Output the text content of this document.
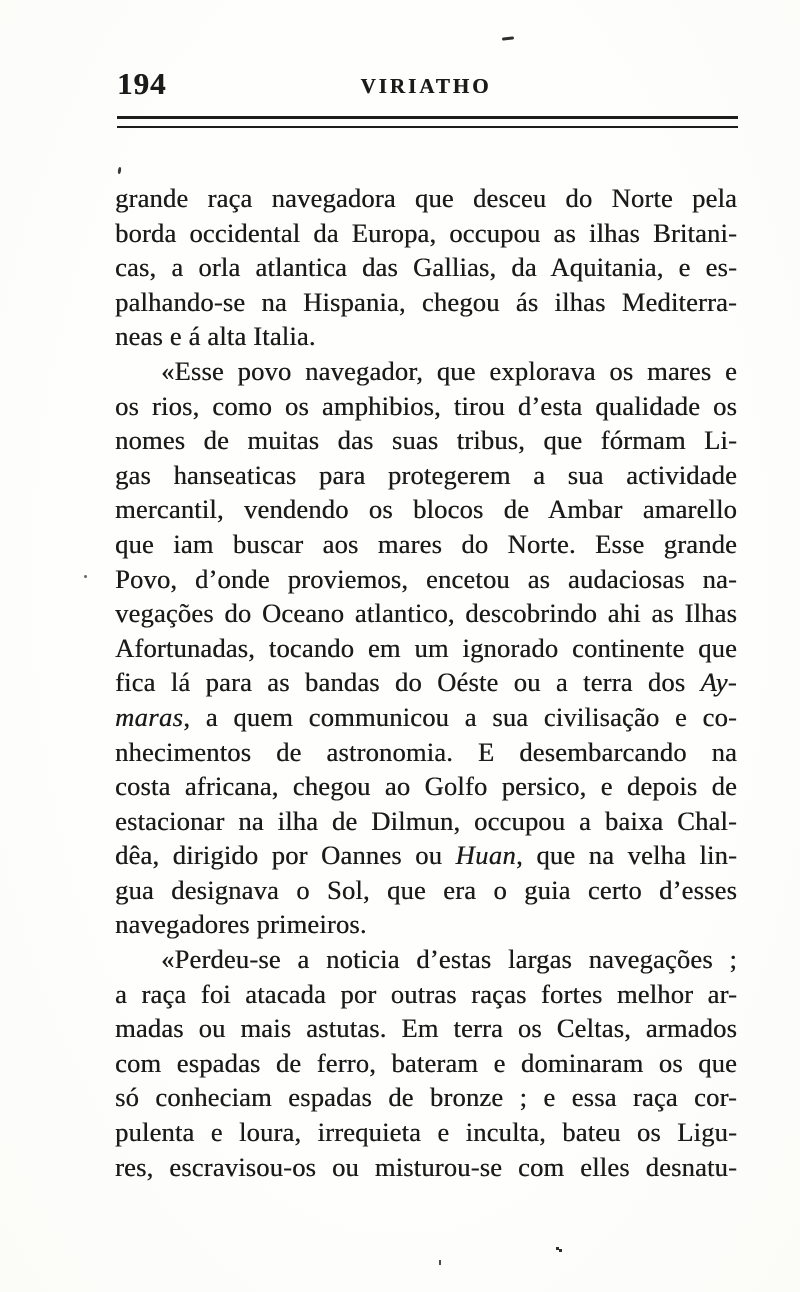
194	VIRIATHO
grande raça navegadora que desceu do Norte pela
borda occidental da Europa, occupou as ilhas Britani-
cas, a orla atlantica das Gallias, da Aquitania, e es-
palhando-se na Hispania, chegou ás ilhas Mediterra-
neas e á alta Italia.
«Esse povo navegador, que explorava os mares e
os rios, como os amphibios, tirou d’esta qualidade os
nomes de muitas das suas tribus, que fórmam Li-
gas hanseaticas para protegerem a sua actividade
mercantil, vendendo os blocos de Ambar amarello
que iam buscar aos mares do Norte. Esse grande
Povo, d’onde proviemos, encetou as audaciosas na-
vegações do Oceano atlantico, descobrindo ahi as Ilhas
Afortunadas, tocando em um ignorado continente que
fica lá para as bandas do Oéste ou a terra dos Ay-
maras, a quem communicou a sua civilisação e co-
nhecimentos de astronomia. E desembarcando na
costa africana, chegou ao Golfo persico, e depois de
estacionar na ilha de Dilmun, occupou a baixa Chal-
dêa, dirigido por Oannes ou Huan, que na velha lin-
gua designava o Sol, que era o guia certo d’esses
navegadores primeiros.
«Perdeu-se a noticia d’estas largas navegações ;
a raça foi atacada por outras raças fortes melhor ar-
madas ou mais astutas. Em terra os Celtas, armados
com espadas de ferro, bateram e dominaram os que
só conheciam espadas de bronze ; e essa raça cor-
pulenta e loura, irrequieta e inculta, bateu os Ligu-
res, escravisou-os ou misturou-se com elles desnatu-
